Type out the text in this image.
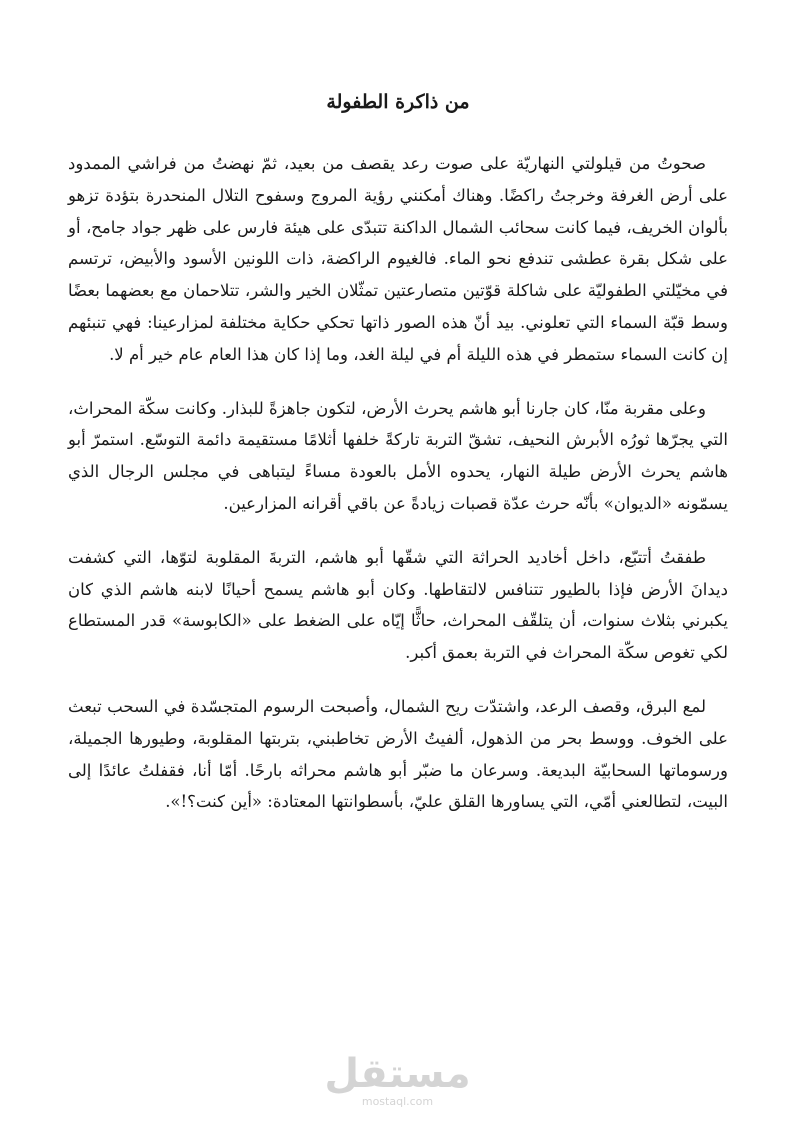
من ذاكرة الطفولة

صحوتُ من قيلولتي النهاريّة على صوت رعد يقصف من بعيد، ثمّ نهضتُ من فراشي الممدود على أرض الغرفة وخرجتُ راكضًا. وهناك أمكنني رؤية المروج وسفوح التلال المنحدرة بتؤدة تزهو بألوان الخريف، فيما كانت سحائب الشمال الداكنة تتبدّى على هيئة فارس على ظهر جواد جامح، أو على شكل بقرة عطشى تندفع نحو الماء. فالغيوم الراكضة، ذات اللونين الأسود والأبيض، ترتسم في مخيّلتي الطفوليّة على شاكلة قوّتين متصارعتين تمثّلان الخير والشر، تتلاحمان مع بعضهما بعضًا وسط قبّة السماء التي تعلوني. بيد أنّ هذه الصور ذاتها تحكي حكاية مختلفة لمزارعينا: فهي تنبئهم إن كانت السماء ستمطر في هذه الليلة أم في ليلة الغد، وما إذا كان هذا العام عام خير أم لا.

وعلى مقربة منّا، كان جارنا أبو هاشم يحرث الأرض، لتكون جاهزةً للبذار. وكانت سكّة المحراث، التي يجرّها ثورُه الأبرش النحيف، تشقّ التربة تاركةً خلفها أثلامًا مستقيمة دائمة التوسّع. استمرّ أبو هاشم يحرث الأرض طيلة النهار، يحدوه الأمل بالعودة مساءً ليتباهى في مجلس الرجال الذي يسمّونه «الديوان» بأنّه حرث عدّة قصبات زيادةً عن باقي أقرانه المزارعين.

طفقتُ أتتبّع، داخل أخاديد الحراثة التي شقّها أبو هاشم، التربةَ المقلوبة لتوّها، التي كشفت ديدانَ الأرض فإذا بالطيور تتنافس لالتقاطها. وكان أبو هاشم يسمح أحيانًا لابنه هاشم الذي كان يكبرني بثلاث سنوات، أن يتلقّف المحراث، حاثًّا إيّاه على الضغط على «الكابوسة» قدر المستطاع لكي تغوص سكّة المحراث في التربة بعمق أكبر.

لمع البرق، وقصف الرعد، واشتدّت ريح الشمال، وأصبحت الرسوم المتجسّدة في السحب تبعث على الخوف. ووسط بحر من الذهول، ألفيتُ الأرض تخاطبني، بتربتها المقلوبة، وطيورها الجميلة، ورسوماتها السحابيّة البديعة. وسرعان ما ضبّر أبو هاشم محراثه بارحًا. أمّا أنا، فقفلتُ عائدًا إلى البيت، لتطالعني أمّي، التي يساورها القلق عليّ، بأسطوانتها المعتادة: «أين كنت؟!».

مستقل
mostaql.com
